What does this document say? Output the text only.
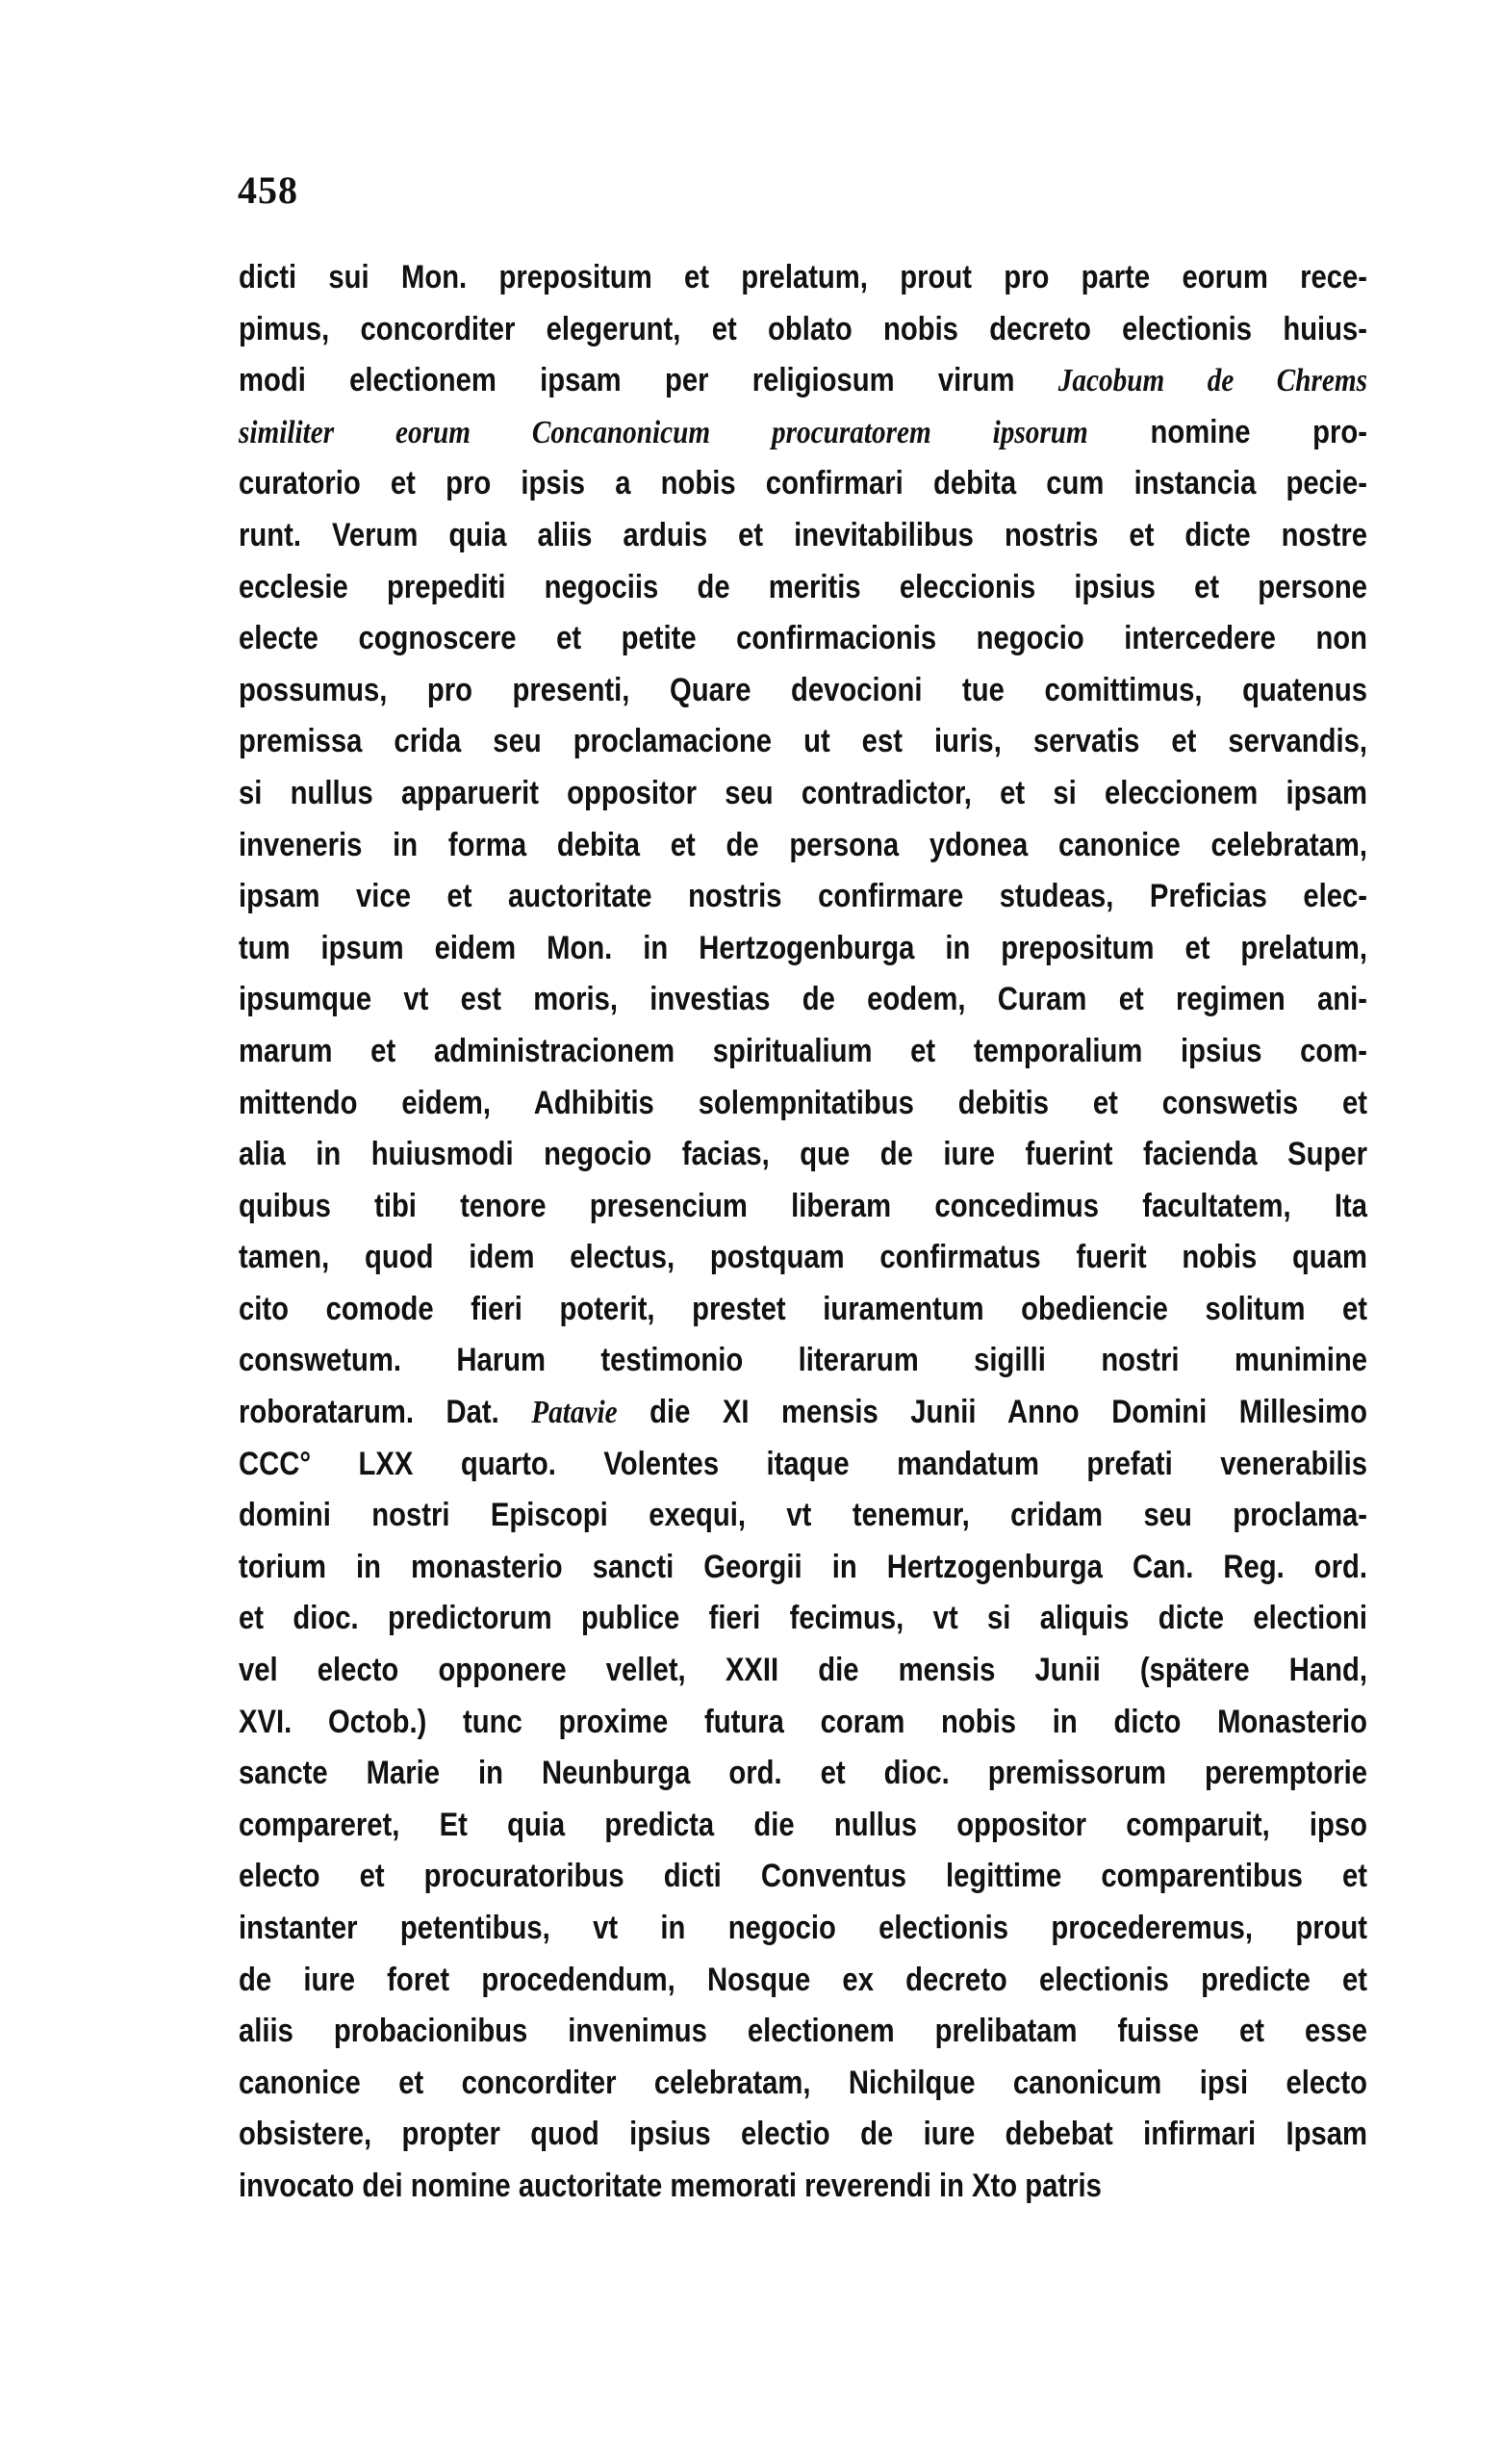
458
dicti sui Mon. prepositum et prelatum, prout pro parte eorum rece-
pimus, concorditer elegerunt, et oblato nobis decreto electionis huius-
modi electionem ipsam per religiosum virum Jacobum de Chrems
similiter eorum Concanonicum procuratorem ipsorum nomine pro-
curatorio et pro ipsis a nobis confirmari debita cum instancia pecie-
runt. Verum quia aliis arduis et inevitabilibus nostris et dicte nostre
ecclesie prepediti negociis de meritis eleccionis ipsius et persone
electe cognoscere et petite confirmacionis negocio intercedere non
possumus, pro presenti, Quare devocioni tue comittimus, quatenus
premissa crida seu proclamacione ut est iuris, servatis et servandis,
si nullus apparuerit oppositor seu contradictor, et si eleccionem ipsam
inveneris in forma debita et de persona ydonea canonice celebratam,
ipsam vice et auctoritate nostris confirmare studeas, Preficias elec-
tum ipsum eidem Mon. in Hertzogenburga in prepositum et prelatum,
ipsumque vt est moris, investias de eodem, Curam et regimen ani-
marum et administracionem spiritualium et temporalium ipsius com-
mittendo eidem, Adhibitis solempnitatibus debitis et conswetis et
alia in huiusmodi negocio facias, que de iure fuerint facienda Super
quibus tibi tenore presencium liberam concedimus facultatem, Ita
tamen, quod idem electus, postquam confirmatus fuerit nobis quam
cito comode fieri poterit, prestet iuramentum obediencie solitum et
conswetum. Harum testimonio literarum sigilli nostri munimine
roboratarum. Dat. Patavie die XI mensis Junii Anno Domini Millesimo
CCC° LXX quarto. Volentes itaque mandatum prefati venerabilis
domini nostri Episcopi exequi, vt tenemur, cridam seu proclama-
torium in monasterio sancti Georgii in Hertzogenburga Can. Reg. ord.
et dioc. predictorum publice fieri fecimus, vt si aliquis dicte electioni
vel electo opponere vellet, XXII die mensis Junii (spätere Hand,
XVI. Octob.) tunc proxime futura coram nobis in dicto Monasterio
sancte Marie in Neunburga ord. et dioc. premissorum peremptorie
compareret, Et quia predicta die nullus oppositor comparuit, ipso
electo et procuratoribus dicti Conventus legittime comparentibus et
instanter petentibus, vt in negocio electionis procederemus, prout
de iure foret procedendum, Nosque ex decreto electionis predicte et
aliis probacionibus invenimus electionem prelibatam fuisse et esse
canonice et concorditer celebratam, Nichilque canonicum ipsi electo
obsistere, propter quod ipsius electio de iure debebat infirmari Ipsam
invocato dei nomine auctoritate memorati reverendi in Xto patris
